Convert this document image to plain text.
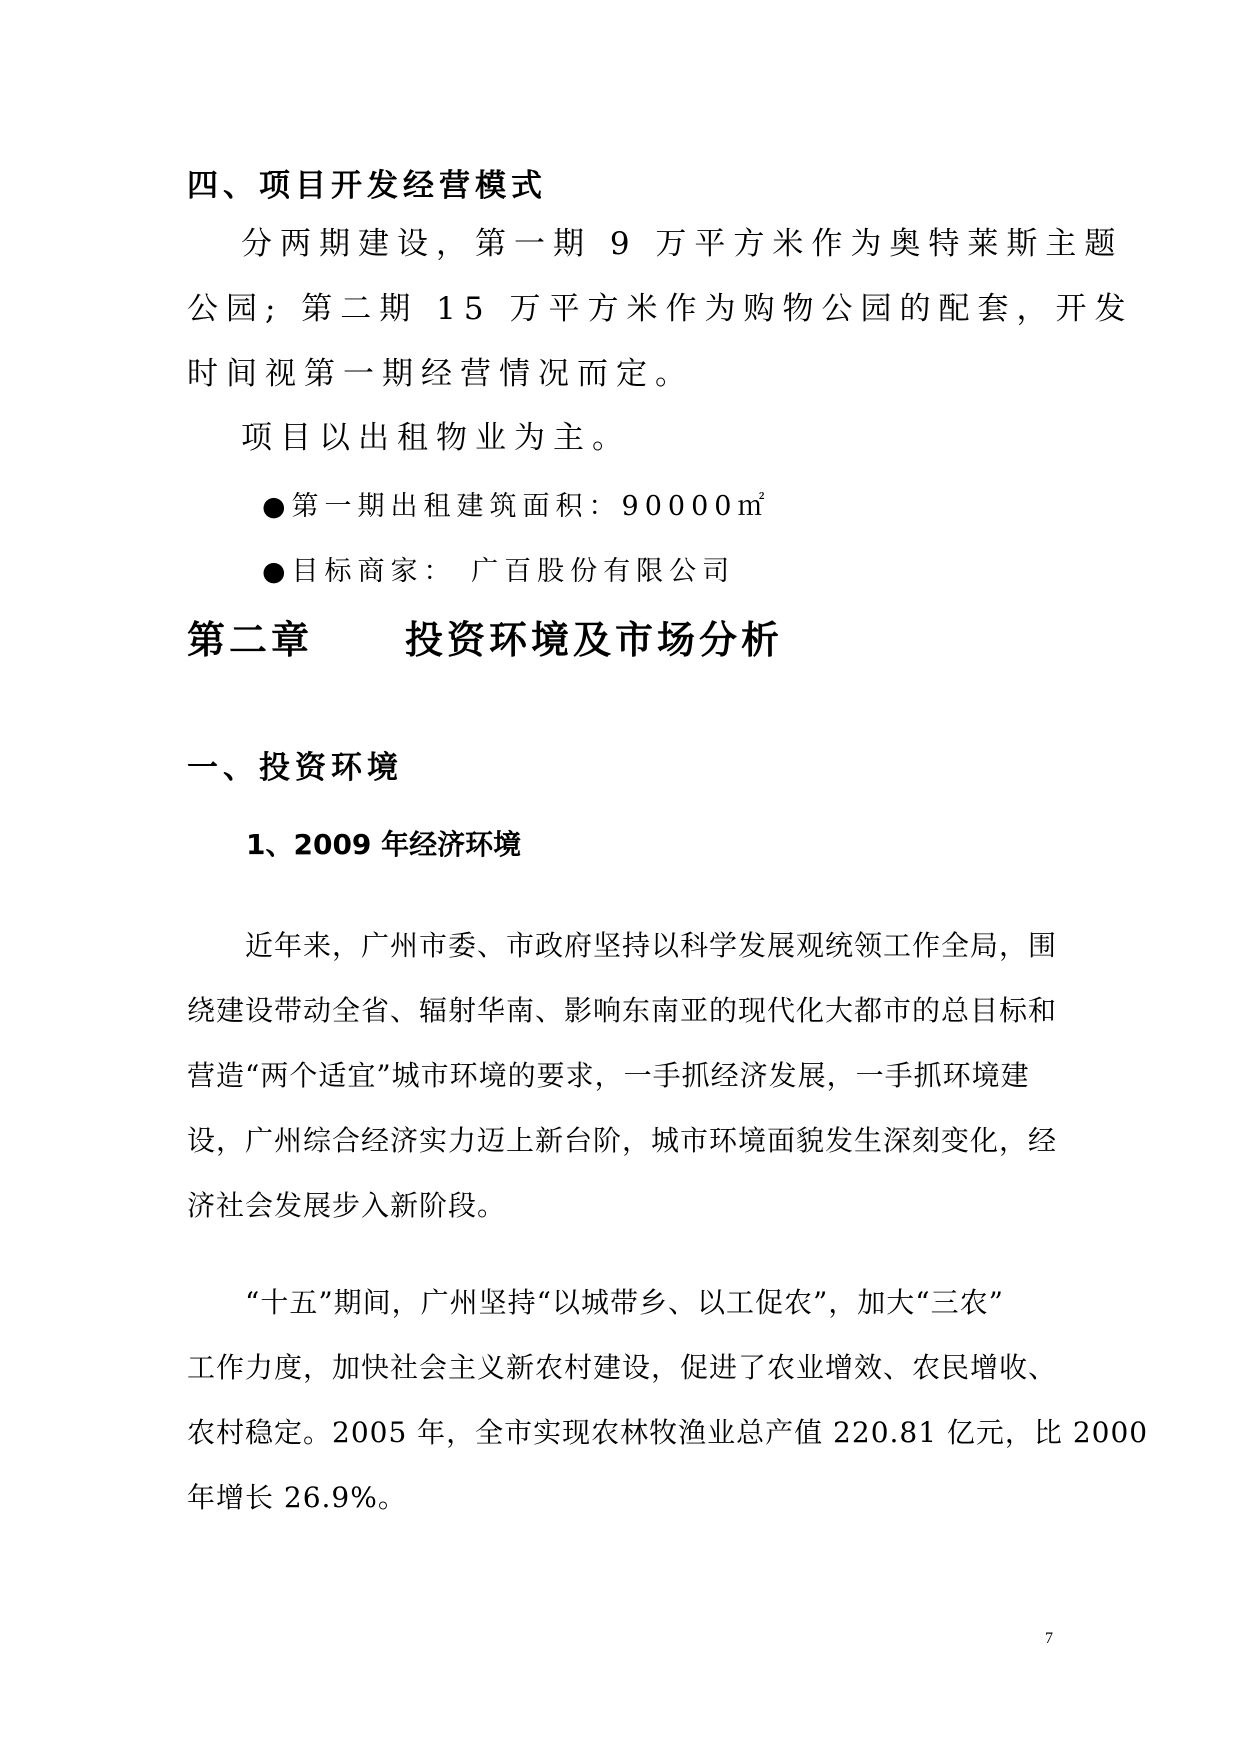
四、项目开发经营模式
分两期建设，第一期 9 万平方米作为奥特莱斯主题
公园; 第二期 15 万平方米作为购物公园的配套，开发
时间视第一期经营情况而定。
项目以出租物业为主。
●第一期出租建筑面积：90000㎡
●目标商家： 广百股份有限公司
第二章 投资环境及市场分析
一、投资环境
1、2009 年经济环境
近年来，广州市委、市政府坚持以科学发展观统领工作全局，围
绕建设带动全省、辐射华南、影响东南亚的现代化大都市的总目标和
营造“两个适宜”城市环境的要求，一手抓经济发展，一手抓环境建
设，广州综合经济实力迈上新台阶，城市环境面貌发生深刻变化，经
济社会发展步入新阶段。
“十五”期间，广州坚持“以城带乡、以工促农”，加大“三农”
工作力度，加快社会主义新农村建设，促进了农业增效、农民增收、
农村稳定。2005 年，全市实现农林牧渔业总产值 220.81 亿元，比 2000
年增长 26.9%。
7
